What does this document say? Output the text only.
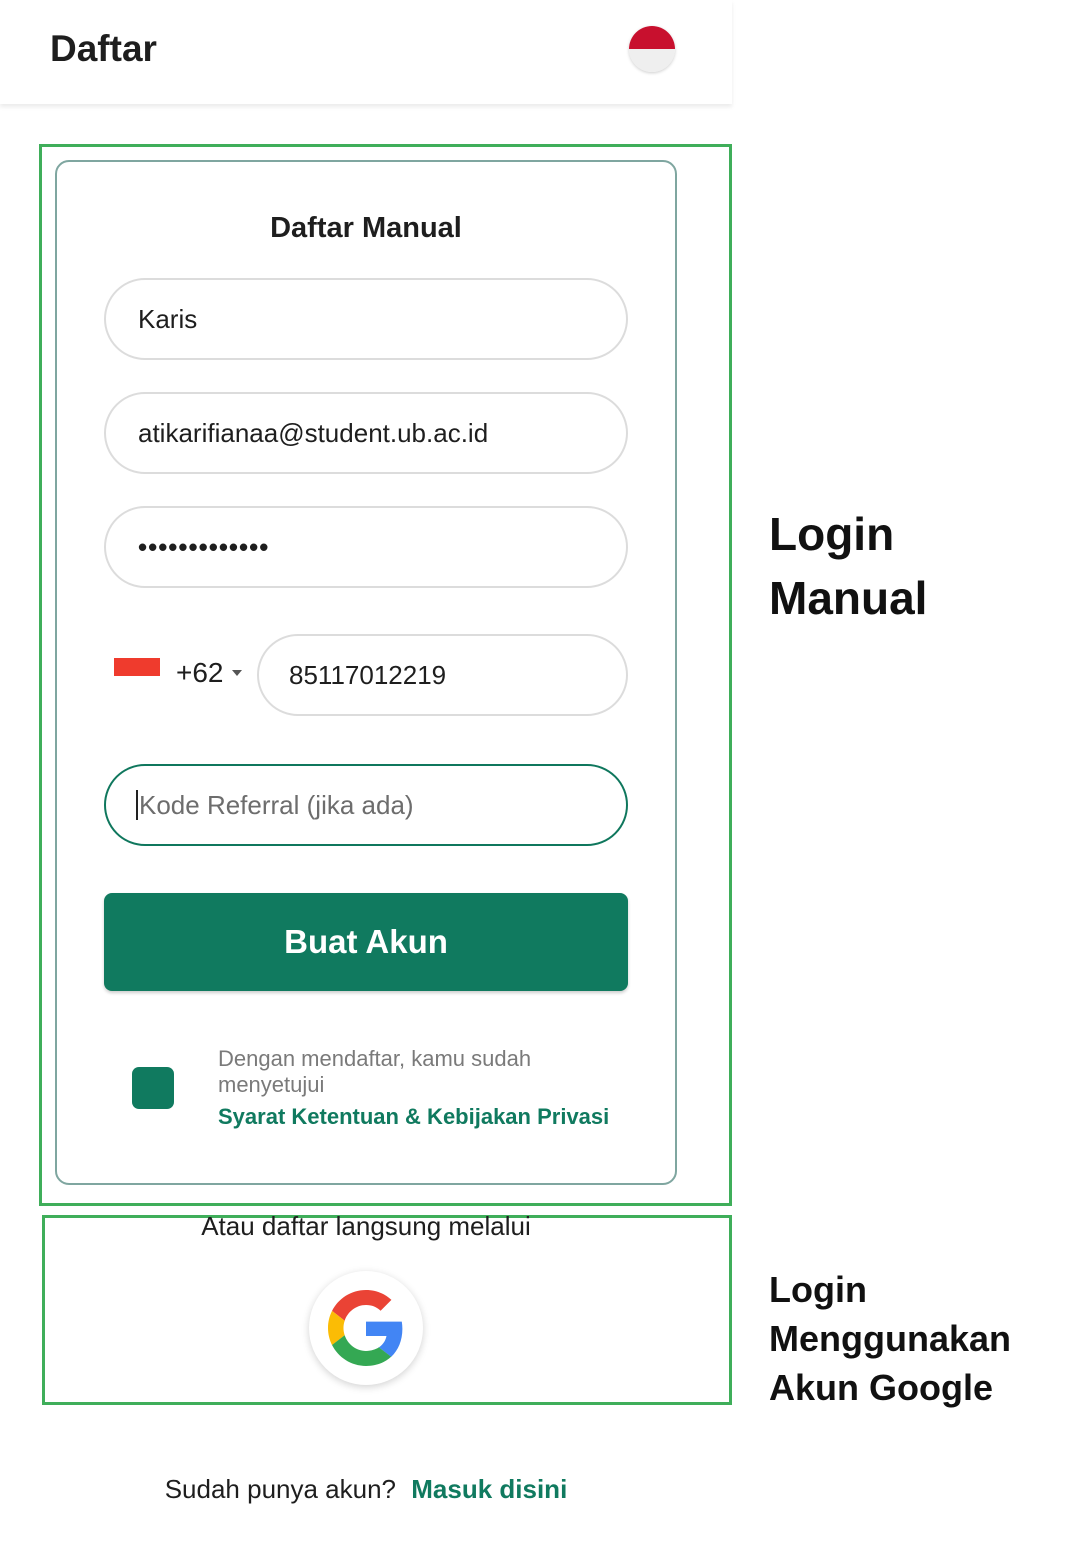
Daftar
Daftar Manual
Karis
atikarifianaa@student.ub.ac.id
•••••••••••••
+62	85117012219
Kode Referral (jika ada)
Buat Akun
Dengan mendaftar, kamu sudah menyetujui
Syarat Ketentuan & Kebijakan Privasi
Atau daftar langsung melalui
Login Manual
Login Menggunakan Akun Google
Sudah punya akun? Masuk disini
